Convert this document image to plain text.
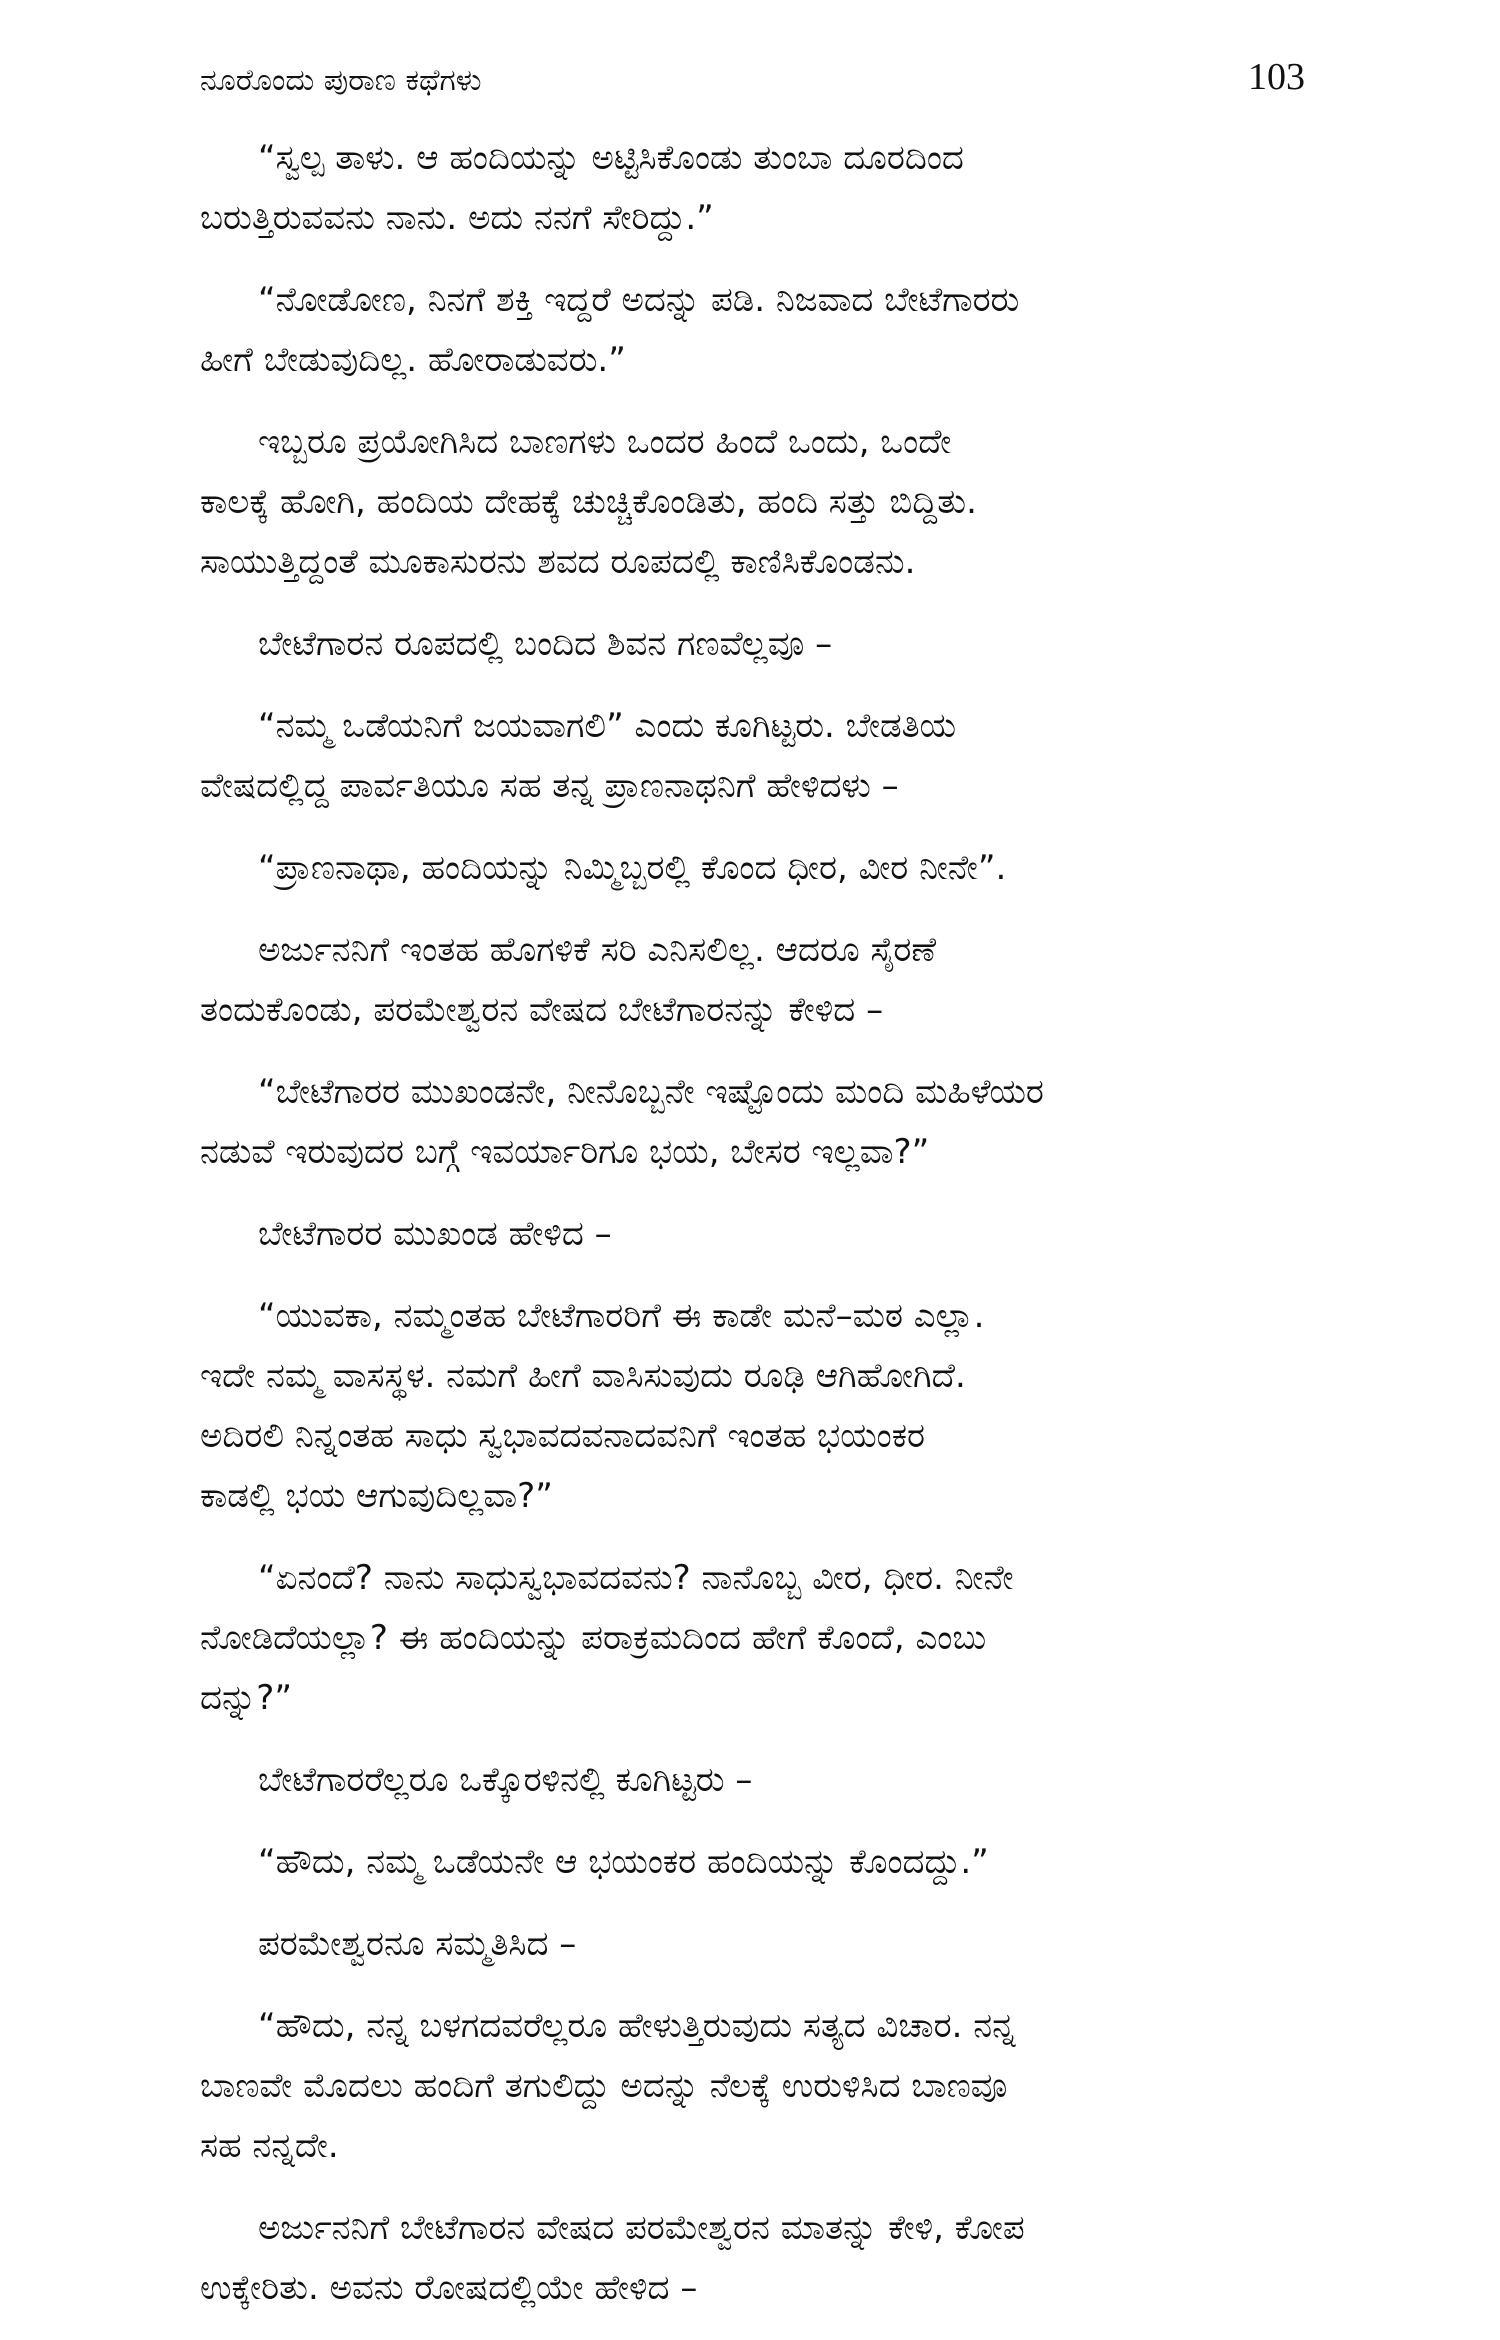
ನೂರೊಂದು ಪುರಾಣ ಕಥೆಗಳು	103
“ಸ್ವಲ್ಪ ತಾಳು. ಆ ಹಂದಿಯನ್ನು ಅಟ್ಟಿಸಿಕೊಂಡು ತುಂಬಾ ದೂರದಿಂದ
ಬರುತ್ತಿರುವವನು ನಾನು. ಅದು ನನಗೆ ಸೇರಿದ್ದು.”
“ನೋಡೋಣ, ನಿನಗೆ ಶಕ್ತಿ ಇದ್ದರೆ ಅದನ್ನು ಪಡಿ. ನಿಜವಾದ ಬೇಟೆಗಾರರು
ಹೀಗೆ ಬೇಡುವುದಿಲ್ಲ. ಹೋರಾಡುವರು.”
ಇಬ್ಬರೂ ಪ್ರಯೋಗಿಸಿದ ಬಾಣಗಳು ಒಂದರ ಹಿಂದೆ ಒಂದು, ಒಂದೇ
ಕಾಲಕ್ಕೆ ಹೋಗಿ, ಹಂದಿಯ ದೇಹಕ್ಕೆ ಚುಚ್ಚಿಕೊಂಡಿತು, ಹಂದಿ ಸತ್ತು ಬಿದ್ದಿತು.
ಸಾಯುತ್ತಿದ್ದಂತೆ ಮೂಕಾಸುರನು ಶವದ ರೂಪದಲ್ಲಿ ಕಾಣಿಸಿಕೊಂಡನು.
ಬೇಟೆಗಾರನ ರೂಪದಲ್ಲಿ ಬಂದಿದ ಶಿವನ ಗಣವೆಲ್ಲವೂ –
“ನಮ್ಮ ಒಡೆಯನಿಗೆ ಜಯವಾಗಲಿ” ಎಂದು ಕೂಗಿಟ್ಟರು. ಬೇಡತಿಯ
ವೇಷದಲ್ಲಿದ್ದ ಪಾರ್ವತಿಯೂ ಸಹ ತನ್ನ ಪ್ರಾಣನಾಥನಿಗೆ ಹೇಳಿದಳು –
“ಪ್ರಾಣನಾಥಾ, ಹಂದಿಯನ್ನು ನಿಮ್ಮಿಬ್ಬರಲ್ಲಿ ಕೊಂದ ಧೀರ, ವೀರ ನೀನೇ”.
ಅರ್ಜುನನಿಗೆ ಇಂತಹ ಹೊಗಳಿಕೆ ಸರಿ ಎನಿಸಲಿಲ್ಲ. ಆದರೂ ಸೈರಣೆ
ತಂದುಕೊಂಡು, ಪರಮೇಶ್ವರನ ವೇಷದ ಬೇಟೆಗಾರನನ್ನು ಕೇಳಿದ –
“ಬೇಟೆಗಾರರ ಮುಖಂಡನೇ, ನೀನೊಬ್ಬನೇ ಇಷ್ಟೊಂದು ಮಂದಿ ಮಹಿಳೆಯರ
ನಡುವೆ ಇರುವುದರ ಬಗ್ಗೆ ಇವರ್ಯಾರಿಗೂ ಭಯ, ಬೇಸರ ಇಲ್ಲವಾ?”
ಬೇಟೆಗಾರರ ಮುಖಂಡ ಹೇಳಿದ –
“ಯುವಕಾ, ನಮ್ಮಂತಹ ಬೇಟೆಗಾರರಿಗೆ ಈ ಕಾಡೇ ಮನೆ–ಮಠ ಎಲ್ಲಾ.
ಇದೇ ನಮ್ಮ ವಾಸಸ್ಥಳ. ನಮಗೆ ಹೀಗೆ ವಾಸಿಸುವುದು ರೂಢಿ ಆಗಿಹೋಗಿದೆ.
ಅದಿರಲಿ ನಿನ್ನಂತಹ ಸಾಧು ಸ್ವಭಾವದವನಾದವನಿಗೆ ಇಂತಹ ಭಯಂಕರ
ಕಾಡಲ್ಲಿ ಭಯ ಆಗುವುದಿಲ್ಲವಾ?”
“ಏನಂದೆ? ನಾನು ಸಾಧುಸ್ವಭಾವದವನು? ನಾನೊಬ್ಬ ವೀರ, ಧೀರ. ನೀನೇ
ನೋಡಿದೆಯಲ್ಲಾ? ಈ ಹಂದಿಯನ್ನು ಪರಾಕ್ರಮದಿಂದ ಹೇಗೆ ಕೊಂದೆ, ಎಂಬು
ದನ್ನು?”
ಬೇಟೆಗಾರರೆಲ್ಲರೂ ಒಕ್ಕೊರಳಿನಲ್ಲಿ ಕೂಗಿಟ್ಟರು –
“ಹೌದು, ನಮ್ಮ ಒಡೆಯನೇ ಆ ಭಯಂಕರ ಹಂದಿಯನ್ನು ಕೊಂದದ್ದು.”
ಪರಮೇಶ್ವರನೂ ಸಮ್ಮತಿಸಿದ –
“ಹೌದು, ನನ್ನ ಬಳಗದವರೆಲ್ಲರೂ ಹೇಳುತ್ತಿರುವುದು ಸತ್ಯದ ವಿಚಾರ. ನನ್ನ
ಬಾಣವೇ ಮೊದಲು ಹಂದಿಗೆ ತಗುಲಿದ್ದು ಅದನ್ನು ನೆಲಕ್ಕೆ ಉರುಳಿಸಿದ ಬಾಣವೂ
ಸಹ ನನ್ನದೇ.
ಅರ್ಜುನನಿಗೆ ಬೇಟೆಗಾರನ ವೇಷದ ಪರಮೇಶ್ವರನ ಮಾತನ್ನು ಕೇಳಿ, ಕೋಪ
ಉಕ್ಕೇರಿತು. ಅವನು ರೋಷದಲ್ಲಿಯೇ ಹೇಳಿದ –
